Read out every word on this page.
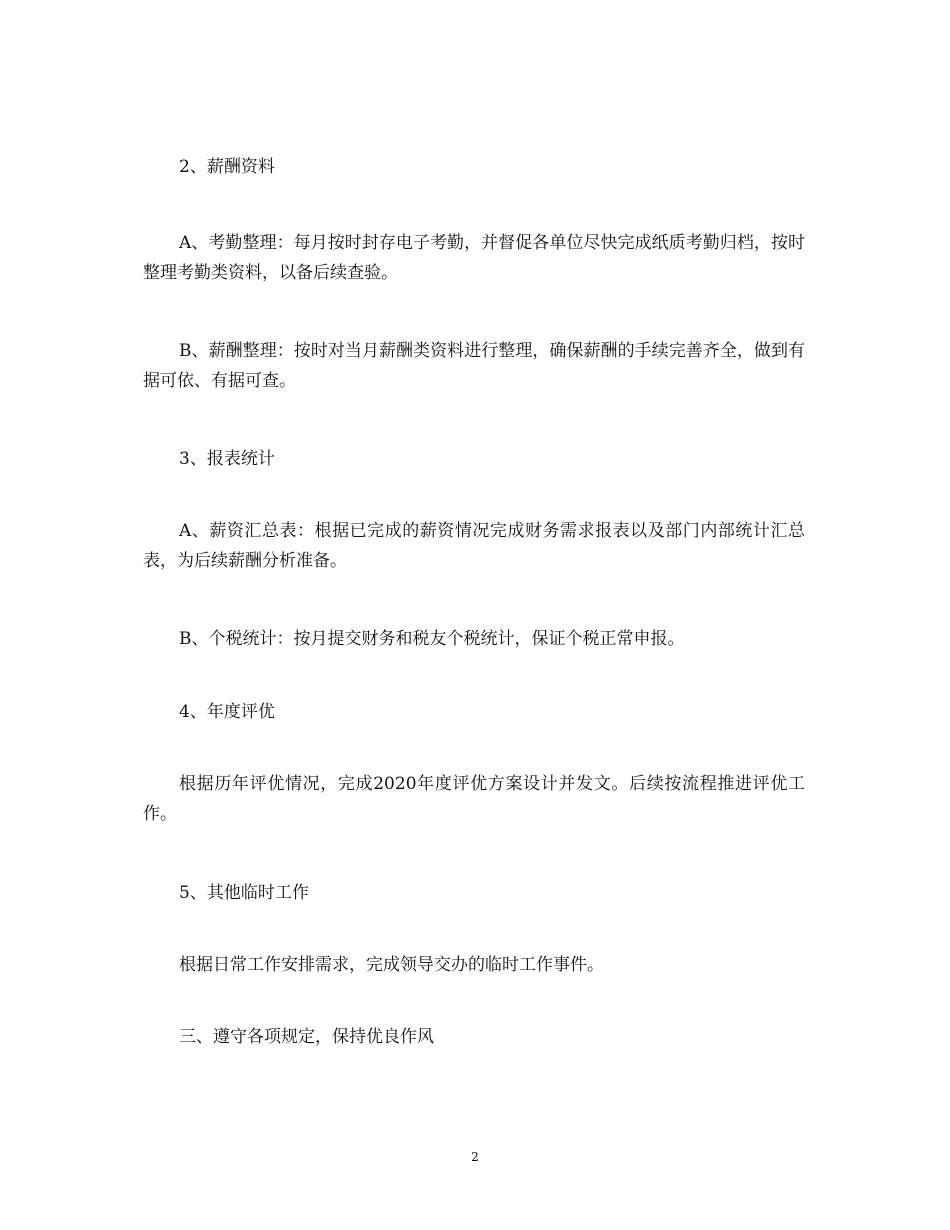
2、薪酬资料

A、考勤整理：每月按时封存电子考勤，并督促各单位尽快完成纸质考勤归档，按时整理考勤类资料，以备后续查验。

B、薪酬整理：按时对当月薪酬类资料进行整理，确保薪酬的手续完善齐全，做到有据可依、有据可查。

3、报表统计

A、薪资汇总表：根据已完成的薪资情况完成财务需求报表以及部门内部统计汇总表，为后续薪酬分析准备。

B、个税统计：按月提交财务和税友个税统计，保证个税正常申报。

4、年度评优

根据历年评优情况，完成2020年度评优方案设计并发文。后续按流程推进评优工作。

5、其他临时工作

根据日常工作安排需求，完成领导交办的临时工作事件。

三、遵守各项规定，保持优良作风

2
